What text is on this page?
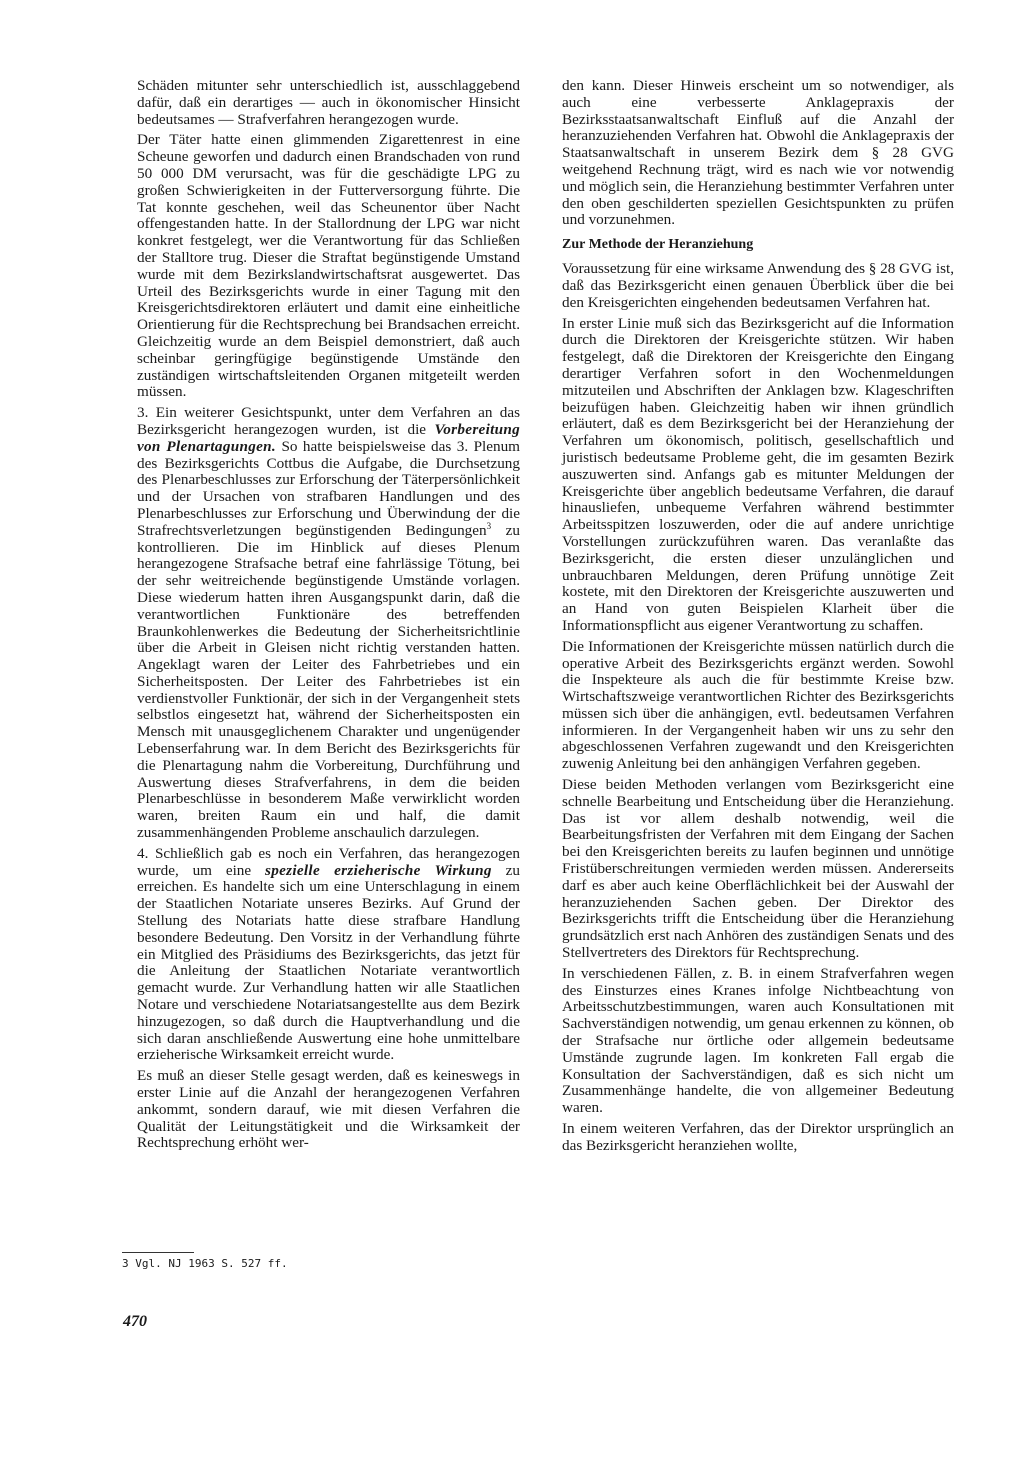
Schäden mitunter sehr unterschiedlich ist, ausschlaggebend dafür, daß ein derartiges — auch in ökonomischer Hinsicht bedeutsames — Strafverfahren herangezogen wurde.

Der Täter hatte einen glimmenden Zigarettenrest in eine Scheune geworfen und dadurch einen Brandschaden von rund 50 000 DM verursacht, was für die geschädigte LPG zu großen Schwierigkeiten in der Futterversorgung führte. Die Tat konnte geschehen, weil das Scheunentor über Nacht offengestanden hatte. In der Stallordnung der LPG war nicht konkret festgelegt, wer die Verantwortung für das Schließen der Stalltore trug. Dieser die Straftat begünstigende Umstand wurde mit dem Bezirkslandwirtschaftsrat ausgewertet. Das Urteil des Bezirksgerichts wurde in einer Tagung mit den Kreisgerichtsdirektoren erläutert und damit eine einheitliche Orientierung für die Rechtsprechung bei Brandsachen erreicht. Gleichzeitig wurde an dem Beispiel demonstriert, daß auch scheinbar geringfügige begünstigende Umstände den zuständigen wirtschaftsleitenden Organen mitgeteilt werden müssen.

3. Ein weiterer Gesichtspunkt, unter dem Verfahren an das Bezirksgericht herangezogen wurden, ist die Vorbereitung von Plenartagungen. So hatte beispielsweise das 3. Plenum des Bezirksgerichts Cottbus die Aufgabe, die Durchsetzung des Plenarbeschlusses zur Erforschung der Täterpersönlichkeit und der Ursachen von strafbaren Handlungen und des Plenarbeschlusses zur Erforschung und Überwindung der die Strafrechtsverletzungen begünstigenden Bedingungen$^3$ zu kontrollieren. Die im Hinblick auf dieses Plenum herangezogene Strafsache betraf eine fahrlässige Tötung, bei der sehr weitreichende begünstigende Umstände vorlagen. Diese wiederum hatten ihren Ausgangspunkt darin, daß die verantwortlichen Funktionäre des betreffenden Braunkohlenwerkes die Bedeutung der Sicherheitsrichtlinie über die Arbeit in Gleisen nicht richtig verstanden hatten. Angeklagt waren der Leiter des Fahrbetriebes und ein Sicherheitsposten. Der Leiter des Fahrbetriebes ist ein verdienstvoller Funktionär, der sich in der Vergangenheit stets selbstlos eingesetzt hat, während der Sicherheitsposten ein Mensch mit unausgeglichenem Charakter und ungenügender Lebenserfahrung war. In dem Bericht des Bezirksgerichts für die Plenartagung nahm die Vorbereitung, Durchführung und Auswertung dieses Strafverfahrens, in dem die beiden Plenarbeschlüsse in besonderem Maße verwirklicht worden waren, breiten Raum ein und half, die damit zusammenhängenden Probleme anschaulich darzulegen.

4. Schließlich gab es noch ein Verfahren, das herangezogen wurde, um eine spezielle erzieherische Wirkung zu erreichen. Es handelte sich um eine Unterschlagung in einem der Staatlichen Notariate unseres Bezirks. Auf Grund der Stellung des Notariats hatte diese strafbare Handlung besondere Bedeutung. Den Vorsitz in der Verhandlung führte ein Mitglied des Präsidiums des Bezirksgerichts, das jetzt für die Anleitung der Staatlichen Notariate verantwortlich gemacht wurde. Zur Verhandlung hatten wir alle Staatlichen Notare und verschiedene Notariatsangestellte aus dem Bezirk hinzugezogen, so daß durch die Hauptverhandlung und die sich daran anschließende Auswertung eine hohe unmittelbare erzieherische Wirksamkeit erreicht wurde.

Es muß an dieser Stelle gesagt werden, daß es keineswegs in erster Linie auf die Anzahl der herangezogenen Verfahren ankommt, sondern darauf, wie mit diesen Verfahren die Qualität der Leitungstätigkeit und die Wirksamkeit der Rechtsprechung erhöht wer-

3 Vgl. NJ 1963 S. 527 ff.
470

den kann. Dieser Hinweis erscheint um so notwendiger, als auch eine verbesserte Anklagepraxis der Bezirksstaatsanwaltschaft Einfluß auf die Anzahl der heranzuziehenden Verfahren hat. Obwohl die Anklagepraxis der Staatsanwaltschaft in unserem Bezirk dem § 28 GVG weitgehend Rechnung trägt, wird es nach wie vor notwendig und möglich sein, die Heranziehung bestimmter Verfahren unter den oben geschilderten speziellen Gesichtspunkten zu prüfen und vorzunehmen.

Zur Methode der Heranziehung

Voraussetzung für eine wirksame Anwendung des § 28 GVG ist, daß das Bezirksgericht einen genauen Überblick über die bei den Kreisgerichten eingehenden bedeutsamen Verfahren hat.

In erster Linie muß sich das Bezirksgericht auf die Information durch die Direktoren der Kreisgerichte stützen. Wir haben festgelegt, daß die Direktoren der Kreisgerichte den Eingang derartiger Verfahren sofort in den Wochenmeldungen mitzuteilen und Abschriften der Anklagen bzw. Klageschriften beizufügen haben. Gleichzeitig haben wir ihnen gründlich erläutert, daß es dem Bezirksgericht bei der Heranziehung der Verfahren um ökonomisch, politisch, gesellschaftlich und juristisch bedeutsame Probleme geht, die im gesamten Bezirk auszuwerten sind. Anfangs gab es mitunter Meldungen der Kreisgerichte über angeblich bedeutsame Verfahren, die darauf hinausliefen, unbequeme Verfahren während bestimmter Arbeitsspitzen loszuwerden, oder die auf andere unrichtige Vorstellungen zurückzuführen waren. Das veranlaßte das Bezirksgericht, die ersten dieser unzulänglichen und unbrauchbaren Meldungen, deren Prüfung unnötige Zeit kostete, mit den Direktoren der Kreisgerichte auszuwerten und an Hand von guten Beispielen Klarheit über die Informationspflicht aus eigener Verantwortung zu schaffen.

Die Informationen der Kreisgerichte müssen natürlich durch die operative Arbeit des Bezirksgerichts ergänzt werden. Sowohl die Inspekteure als auch die für bestimmte Kreise bzw. Wirtschaftszweige verantwortlichen Richter des Bezirksgerichts müssen sich über die anhängigen, evtl. bedeutsamen Verfahren informieren. In der Vergangenheit haben wir uns zu sehr den abgeschlossenen Verfahren zugewandt und den Kreisgerichten zuwenig Anleitung bei den anhängigen Verfahren gegeben.

Diese beiden Methoden verlangen vom Bezirksgericht eine schnelle Bearbeitung und Entscheidung über die Heranziehung. Das ist vor allem deshalb notwendig, weil die Bearbeitungsfristen der Verfahren mit dem Eingang der Sachen bei den Kreisgerichten bereits zu laufen beginnen und unnötige Fristüberschreitungen vermieden werden müssen. Andererseits darf es aber auch keine Oberflächlichkeit bei der Auswahl der heranzuziehenden Sachen geben. Der Direktor des Bezirksgerichts trifft die Entscheidung über die Heranziehung grundsätzlich erst nach Anhören des zuständigen Senats und des Stellvertreters des Direktors für Rechtsprechung.

In verschiedenen Fällen, z. B. in einem Strafverfahren wegen des Einsturzes eines Kranes infolge Nichtbeachtung von Arbeitsschutzbestimmungen, waren auch Konsultationen mit Sachverständigen notwendig, um genau erkennen zu können, ob der Strafsache nur örtliche oder allgemein bedeutsame Umstände zugrunde lagen. Im konkreten Fall ergab die Konsultation der Sachverständigen, daß es sich nicht um Zusammenhänge handelte, die von allgemeiner Bedeutung waren.

In einem weiteren Verfahren, das der Direktor ursprünglich an das Bezirksgericht heranziehen wollte,
